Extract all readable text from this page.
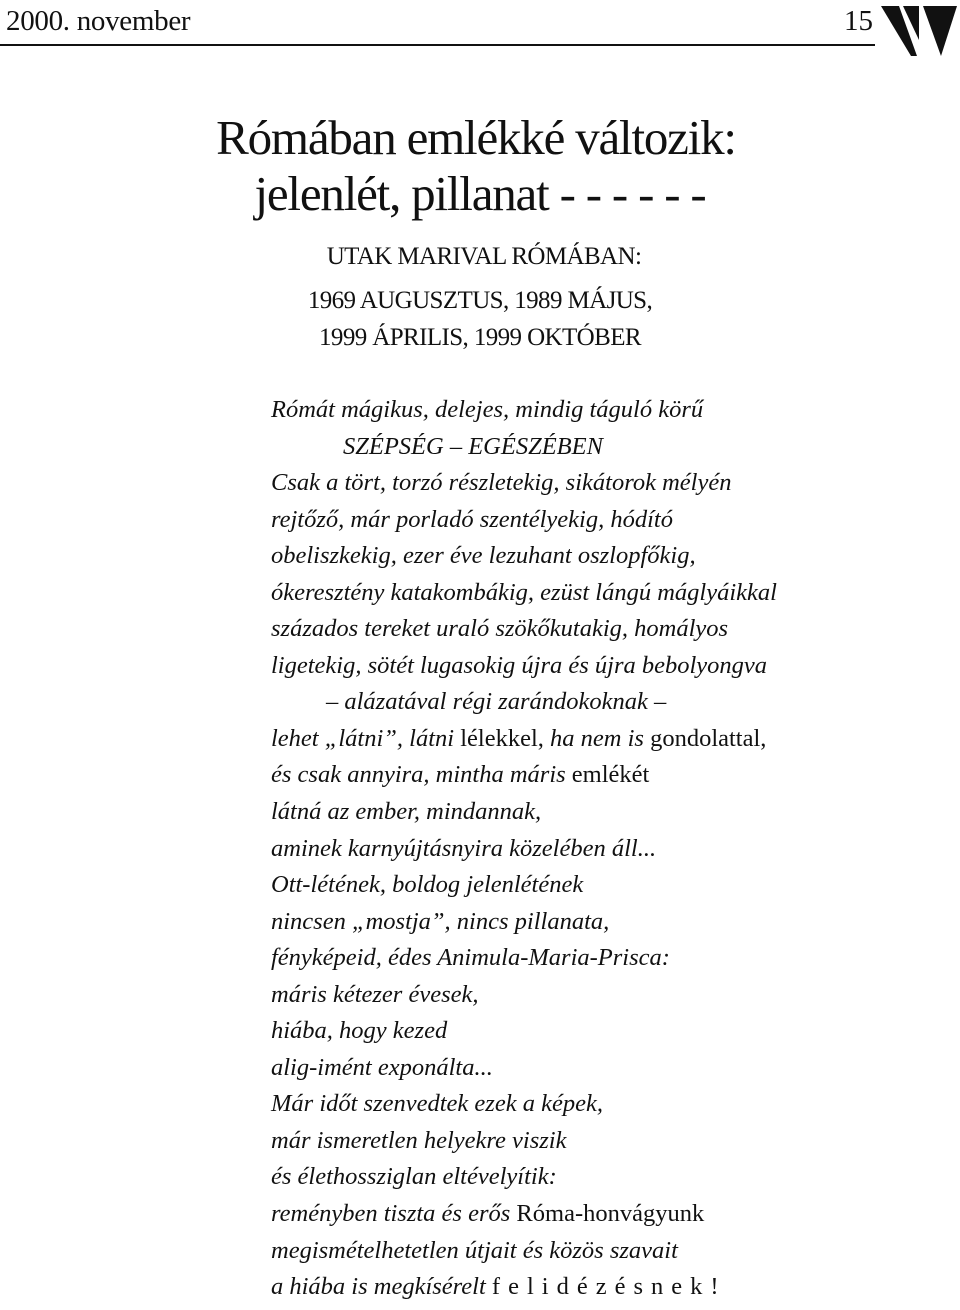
2000. november	15
Rómában emlékké változik:
jelenlét, pillanat - - - - - -
UTAK MARIVAL RÓMÁBAN:
1969 AUGUSZTUS, 1989 MÁJUS,
1999 ÁPRILIS, 1999 OKTÓBER
Rómát mágikus, delejes, mindig táguló körű
SZÉPSÉG – EGÉSZÉBEN
Csak a tört, torzó részletekig, sikátorok mélyén
rejtőző, már porladó szentélyekig, hódító
obeliszkekig, ezer éve lezuhant oszlopfőkig,
ókeresztény katakombákig, ezüst lángú máglyáikkal
százados tereket uraló szökőkutakig, homályos
ligetekig, sötét lugasokig újra és újra bebolyongva
– alázatával régi zarándokoknak –
lehet „látni”, látni lélekkel, ha nem is gondolattal,
és csak annyira, mintha máris emlékét
látná az ember, mindannak,
aminek karnyújtásnyira közelében áll...
Ott-létének, boldog jelenlétének
nincsen „mostja”, nincs pillanata,
fényképeid, édes Animula-Maria-Prisca:
máris kétezer évesek,
hiába, hogy kezed
alig-imént exponálta...
Már időt szenvedtek ezek a képek,
már ismeretlen helyekre viszik
és élethossziglan eltévelyítik:
reményben tiszta és erős Róma-honvágyunk
megismételhetetlen útjait és közös szavait
a hiába is megkísérelt felidézésnek!
